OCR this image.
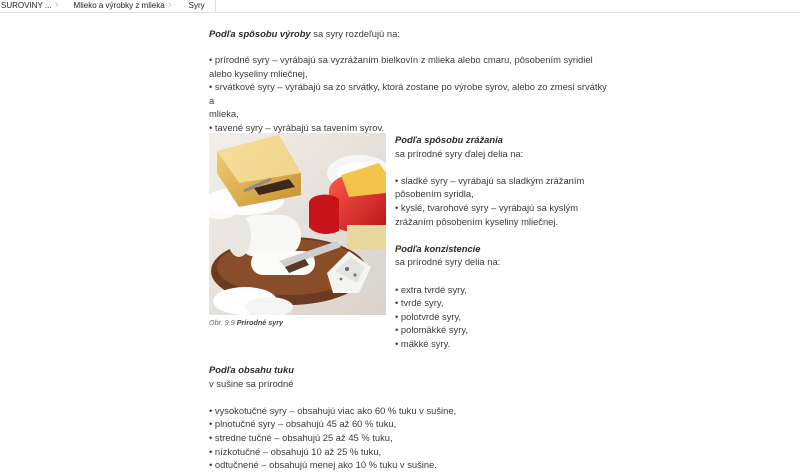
SUROVINY ... ›	Mlieko a výrobky z mlieka ›	Syry

Podľa spôsobu výroby sa syry rozdeľujú na:

• prírodné syry – vyrábajú sa vyzrážaním bielkovín z mlieka alebo cmaru, pôsobením syridiel
alebo kyseliny mliečnej,
• srvátkové syry – vyrábajú sa zo srvátky, ktorá zostane po výrobe syrov, alebo zo zmesi srvátky a
mlieka,
• tavené syry – vyrábajú sa tavením syrov.
Obr. 9.9 Prírodné syry
Podľa spôsobu zrážania
sa prírodné syry ďalej delia na:
• sladké syry – vyrábajú sa sladkým zrážaním
pôsobením syridla,
• kyslé, tvarohové syry – vyrábajú sa kyslým
zrážaním pôsobením kyseliny mliečnej.
Podľa konzistencie
sa prírodné syry delia na:
• extra tvrdé syry,
• tvrdé syry,
• polotvrdé syry,
• polomäkké syry,
• mäkké syry.
Podľa obsahu tuku
v sušine sa prírodné
• vysokotučné syry – obsahujú viac ako 60 % tuku v sušine,
• plnotučné syry – obsahujú 45 až 60 % tuku,
• stredne tučné – obsahujú 25 až 45 % tuku,
• nízkotučné – obsahujú 10 až 25 % tuku,
• odtučnené – obsahujú menej ako 10 % tuku v sušine.
